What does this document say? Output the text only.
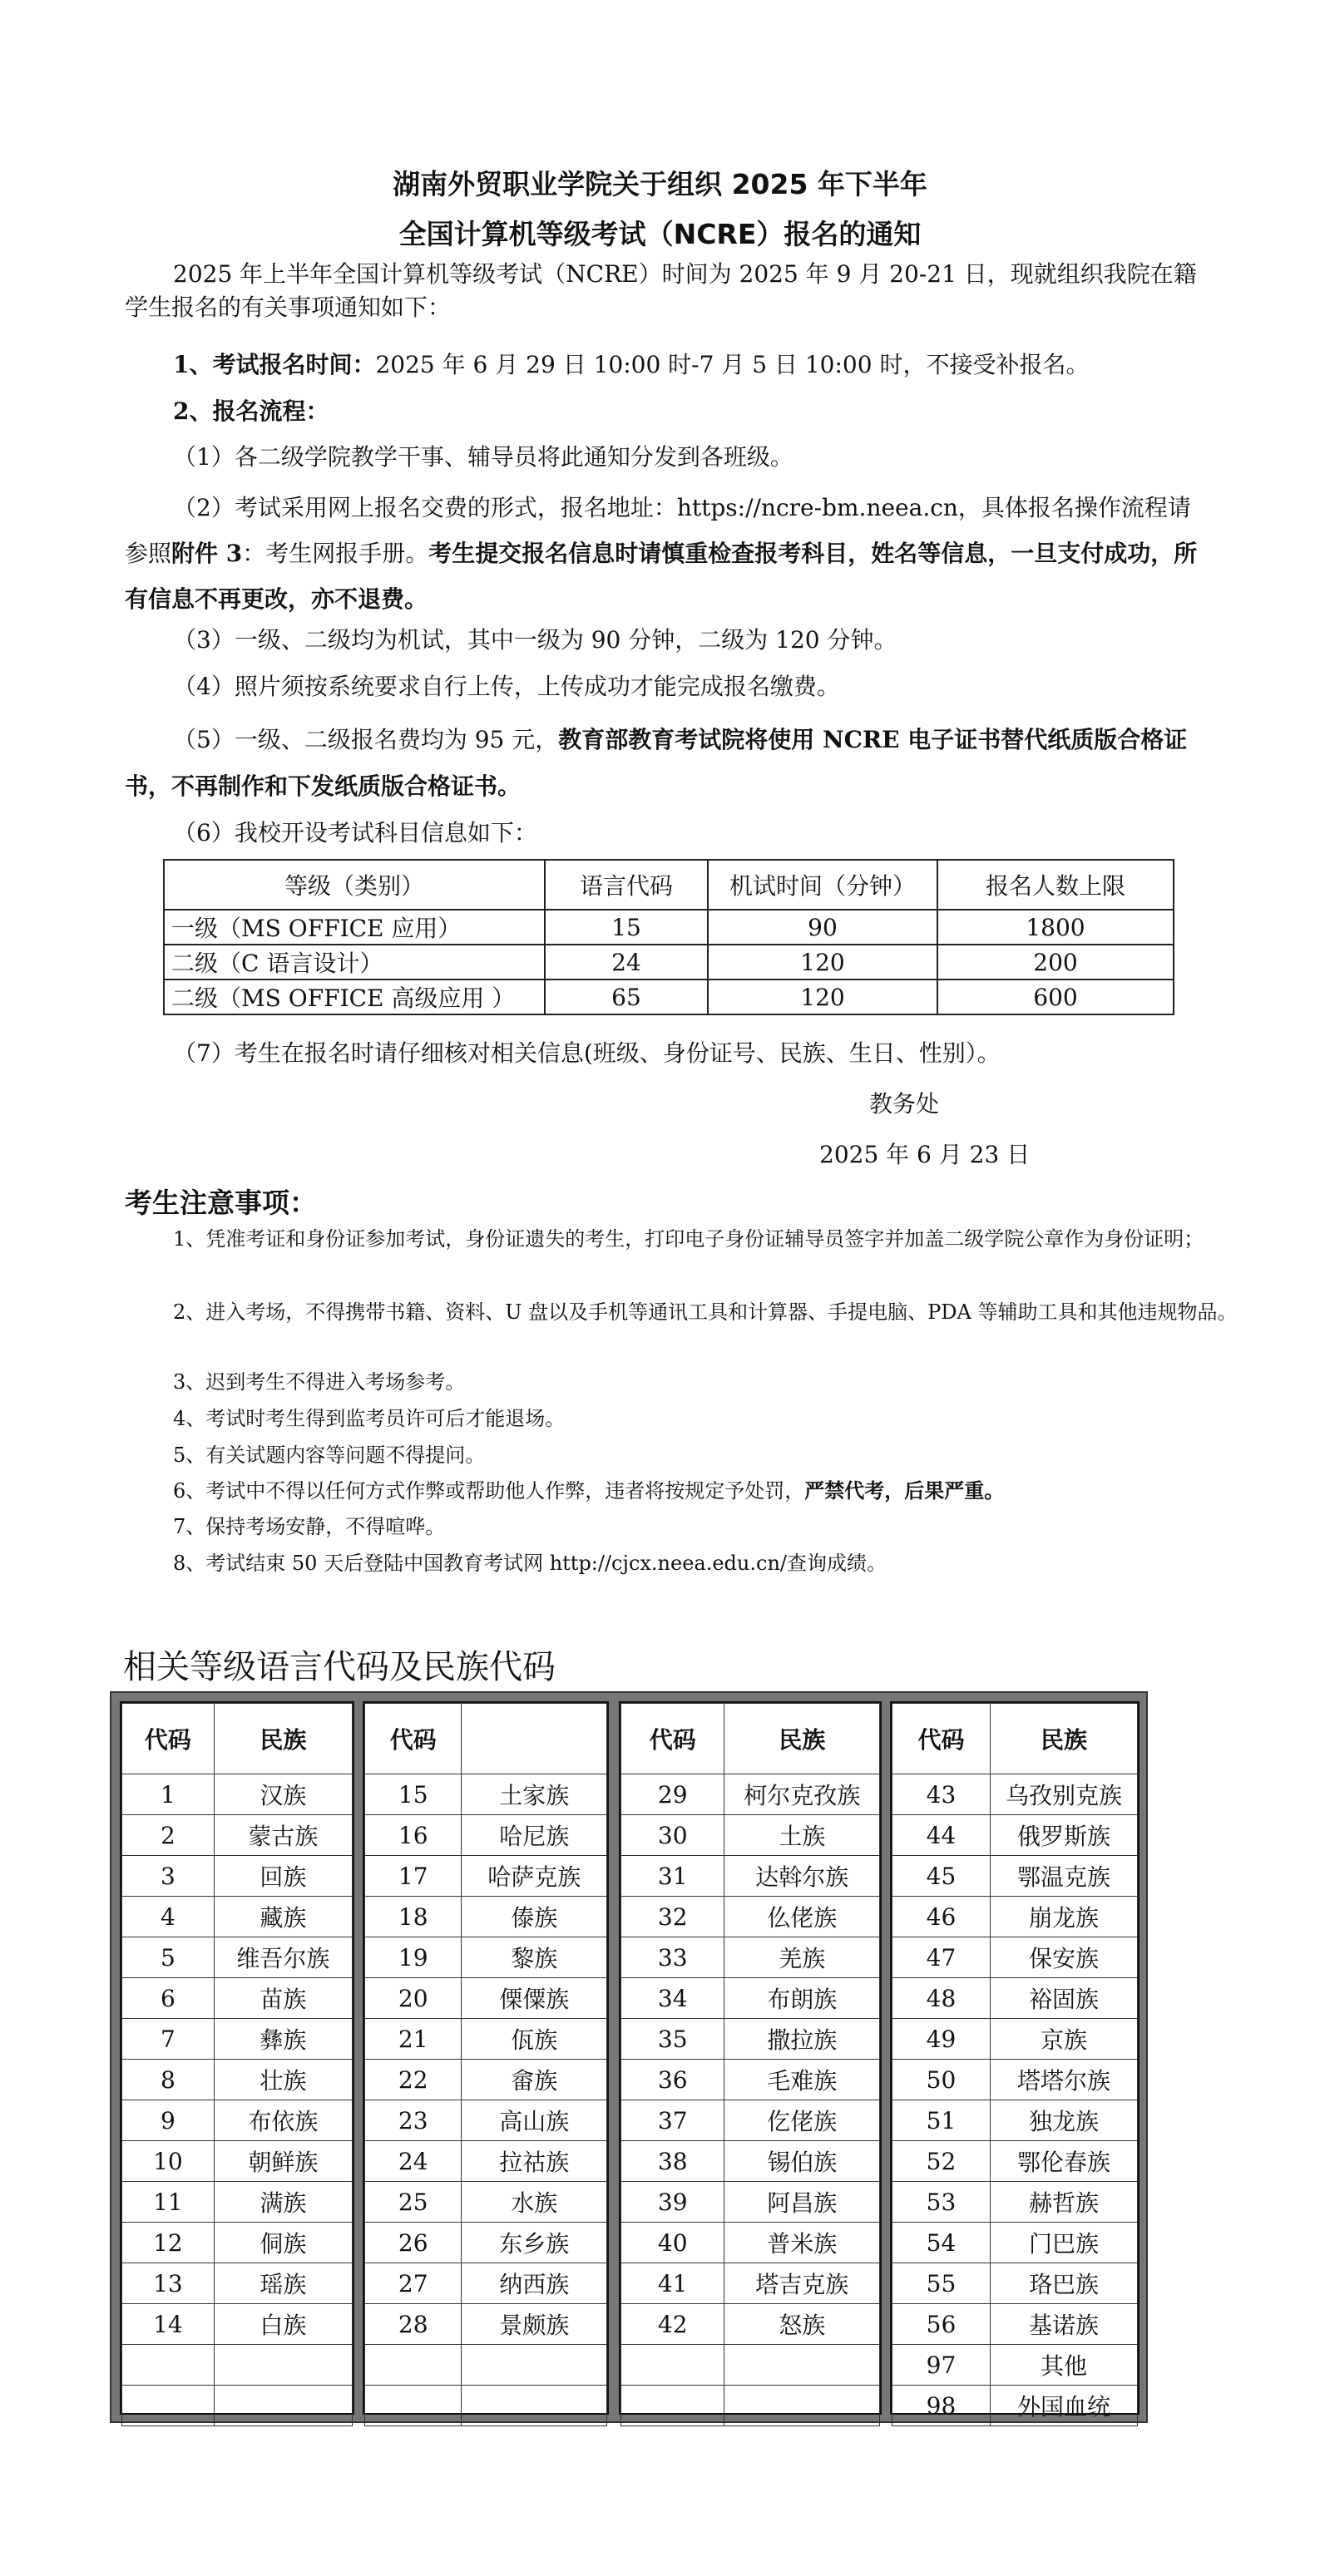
湖南外贸职业学院关于组织 2025 年下半年
全国计算机等级考试（NCRE）报名的通知
2025 年上半年全国计算机等级考试（NCRE）时间为 2025 年 9 月 20-21 日，现就组织我院在籍学生报名的有关事项通知如下：
1、考试报名时间：2025 年 6 月 29 日 10:00 时-7 月 5 日 10:00 时，不接受补报名。
2、报名流程：
（1）各二级学院教学干事、辅导员将此通知分发到各班级。
（2）考试采用网上报名交费的形式，报名地址：https://ncre-bm.neea.cn，具体报名操作流程请参照附件 3：考生网报手册。考生提交报名信息时请慎重检查报考科目，姓名等信息，一旦支付成功，所有信息不再更改，亦不退费。
（3）一级、二级均为机试，其中一级为 90 分钟，二级为 120 分钟。
（4）照片须按系统要求自行上传，上传成功才能完成报名缴费。
（5）一级、二级报名费均为 95 元，教育部教育考试院将使用 NCRE 电子证书替代纸质版合格证书，不再制作和下发纸质版合格证书。
（6）我校开设考试科目信息如下：
等级（类别）	语言代码	机试时间（分钟）	报名人数上限
一级（MS OFFICE 应用）	15	90	1800
二级（C 语言设计）	24	120	200
二级（MS OFFICE 高级应用 ）	65	120	600
（7）考生在报名时请仔细核对相关信息(班级、身份证号、民族、生日、性别）。
教务处
2025 年 6 月 23 日
考生注意事项：
1、凭准考证和身份证参加考试，身份证遗失的考生，打印电子身份证辅导员签字并加盖二级学院公章作为身份证明；
2、进入考场，不得携带书籍、资料、U 盘以及手机等通讯工具和计算器、手提电脑、PDA 等辅助工具和其他违规物品。
3、迟到考生不得进入考场参考。
4、考试时考生得到监考员许可后才能退场。
5、有关试题内容等问题不得提问。
6、考试中不得以任何方式作弊或帮助他人作弊，违者将按规定予处罚，严禁代考，后果严重。
7、保持考场安静，不得喧哗。
8、考试结束 50 天后登陆中国教育考试网 http://cjcx.neea.edu.cn/查询成绩。
相关等级语言代码及民族代码
代码	民族
1	汉族
2	蒙古族
3	回族
4	藏族
5	维吾尔族
6	苗族
7	彝族
8	壮族
9	布依族
10	朝鲜族
11	满族
12	侗族
13	瑶族
14	白族

代码	
15	土家族
16	哈尼族
17	哈萨克族
18	傣族
19	黎族
20	傈僳族
21	佤族
22	畲族
23	高山族
24	拉祜族
25	水族
26	东乡族
27	纳西族
28	景颇族

代码	民族
29	柯尔克孜族
30	土族
31	达斡尔族
32	仫佬族
33	羌族
34	布朗族
35	撒拉族
36	毛难族
37	仡佬族
38	锡伯族
39	阿昌族
40	普米族
41	塔吉克族
42	怒族

代码	民族
43	乌孜别克族
44	俄罗斯族
45	鄂温克族
46	崩龙族
47	保安族
48	裕固族
49	京族
50	塔塔尔族
51	独龙族
52	鄂伦春族
53	赫哲族
54	门巴族
55	珞巴族
56	基诺族
97	其他
98	外国血统
